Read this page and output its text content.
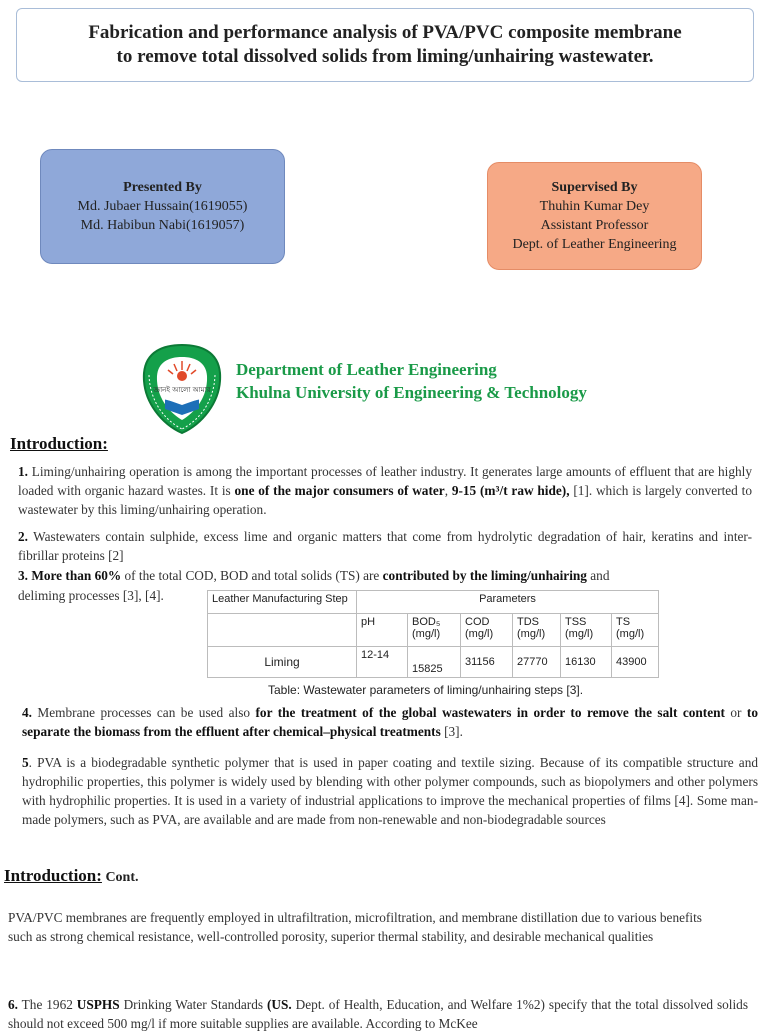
Fabrication and performance analysis of PVA/PVC composite membrane
to remove total dissolved solids from liming/unhairing wastewater.
Presented By
Md. Jubaer Hussain(1619055)
Md. Habibun Nabi(1619057)
Supervised By
Thuhin Kumar Dey
Assistant Professor
Dept. of Leather Engineering
জ্ঞানই আলো আমার
Department of Leather Engineering
Khulna University of Engineering & Technology
Introduction:
1. Liming/unhairing operation is among the important processes of leather industry. It generates large amounts of effluent that are highly loaded with organic hazard wastes. It is one of the major consumers of water, 9-15 (m³/t raw hide), [1]. which is largely converted to wastewater by this liming/unhairing operation.
2. Wastewaters contain sulphide, excess lime and organic matters that come from hydrolytic degradation of hair, keratins and inter-fibrillar proteins [2]
3. More than 60% of the total COD, BOD and total solids (TS) are contributed by the liming/unhairing and
deliming processes [3], [4].	Leather Manufacturing Step	Parameters					
	pH	BOD₅ (mg/l)	COD (mg/l)	TDS (mg/l)	TSS (mg/l)	TS (mg/l)
Liming	12-14	15825	31156	27770	16130	43900
Table: Wastewater parameters of liming/unhairing steps [3].
4. Membrane processes can be used also for the treatment of the global wastewaters in order to remove the salt content or to separate the biomass from the effluent after chemical–physical treatments [3].
5. PVA is a biodegradable synthetic polymer that is used in paper coating and textile sizing. Because of its compatible structure and hydrophilic properties, this polymer is widely used by blending with other polymer compounds, such as biopolymers and other polymers with hydrophilic properties. It is used in a variety of industrial applications to improve the mechanical properties of films [4]. Some man-made polymers, such as PVA, are available and are made from non-renewable and non-biodegradable sources
Introduction: Cont.
PVA/PVC membranes are frequently employed in ultrafiltration, microfiltration, and membrane distillation due to various benefits such as strong chemical resistance, well-controlled porosity, superior thermal stability, and desirable mechanical qualities
6. The 1962 USPHS Drinking Water Standards (US. Dept. of Health, Education, and Welfare 1%2) specify that the total dissolved solids should not exceed 500 mg/l if more suitable supplies are available. According to McKee
